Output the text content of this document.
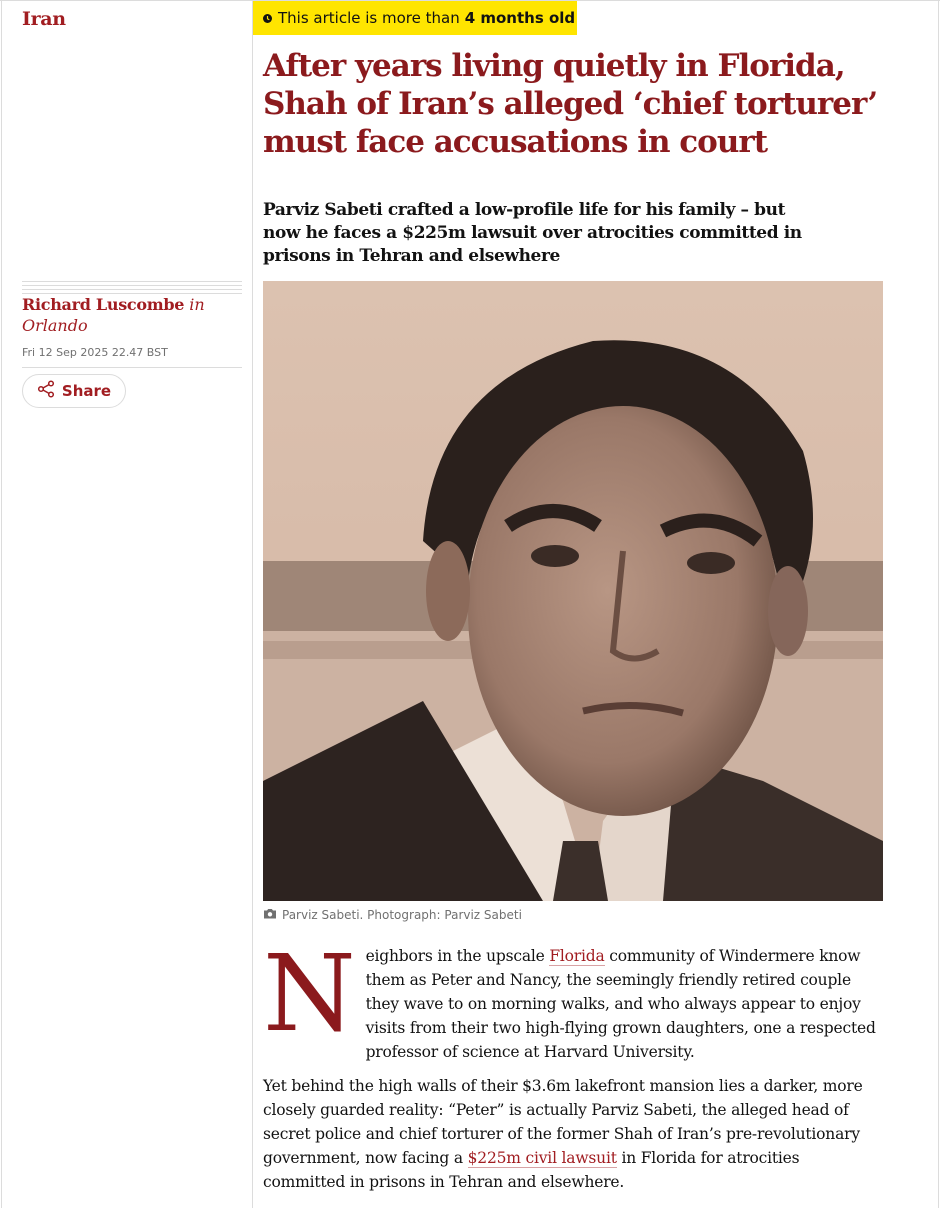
Iran	This article is more than 4 months old
After years living quietly in Florida, Shah of Iran’s alleged ‘chief torturer’ must face accusations in court

Parviz Sabeti crafted a low-profile life for his family – but now he faces a $225m lawsuit over atrocities committed in prisons in Tehran and elsewhere

Richard Luscombe in Orlando
Fri 12 Sep 2025 22.47 BST
Share
Parviz Sabeti. Photograph: Parviz Sabeti

Neighbors in the upscale Florida community of Windermere know them as Peter and Nancy, the seemingly friendly retired couple they wave to on morning walks, and who always appear to enjoy visits from their two high-flying grown daughters, one a respected professor of science at Harvard University.

Yet behind the high walls of their $3.6m lakefront mansion lies a darker, more closely guarded reality: “Peter” is actually Parviz Sabeti, the alleged head of secret police and chief torturer of the former Shah of Iran’s pre-revolutionary government, now facing a $225m civil lawsuit in Florida for atrocities committed in prisons in Tehran and elsewhere.
